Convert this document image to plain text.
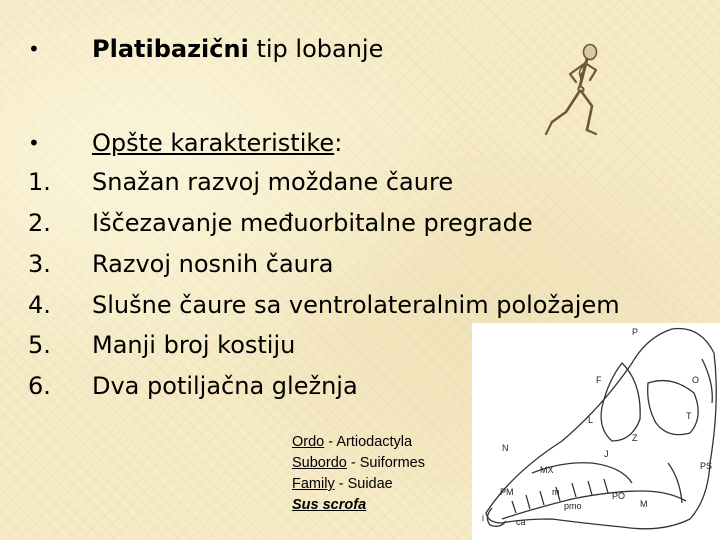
•	Platibazični tip lobanje
•	Opšte karakteristike:
1.	Snažan razvoj moždane čaure
2.	Iščezavanje međuorbitalne pregrade
3.	Razvoj nosnih čaura
4.	Slušne čaure sa ventrolateralnim položajem
5.	Manji broj kostiju
6.	Dva potiljačna gležnja
P
F
N
MX
PM
L
J
Z
T
M
PS
PO
pmo
O
m
ca
i
Ordo - Artiodactyla
Subordo - Suiformes
Family - Suidae
Sus scrofa
